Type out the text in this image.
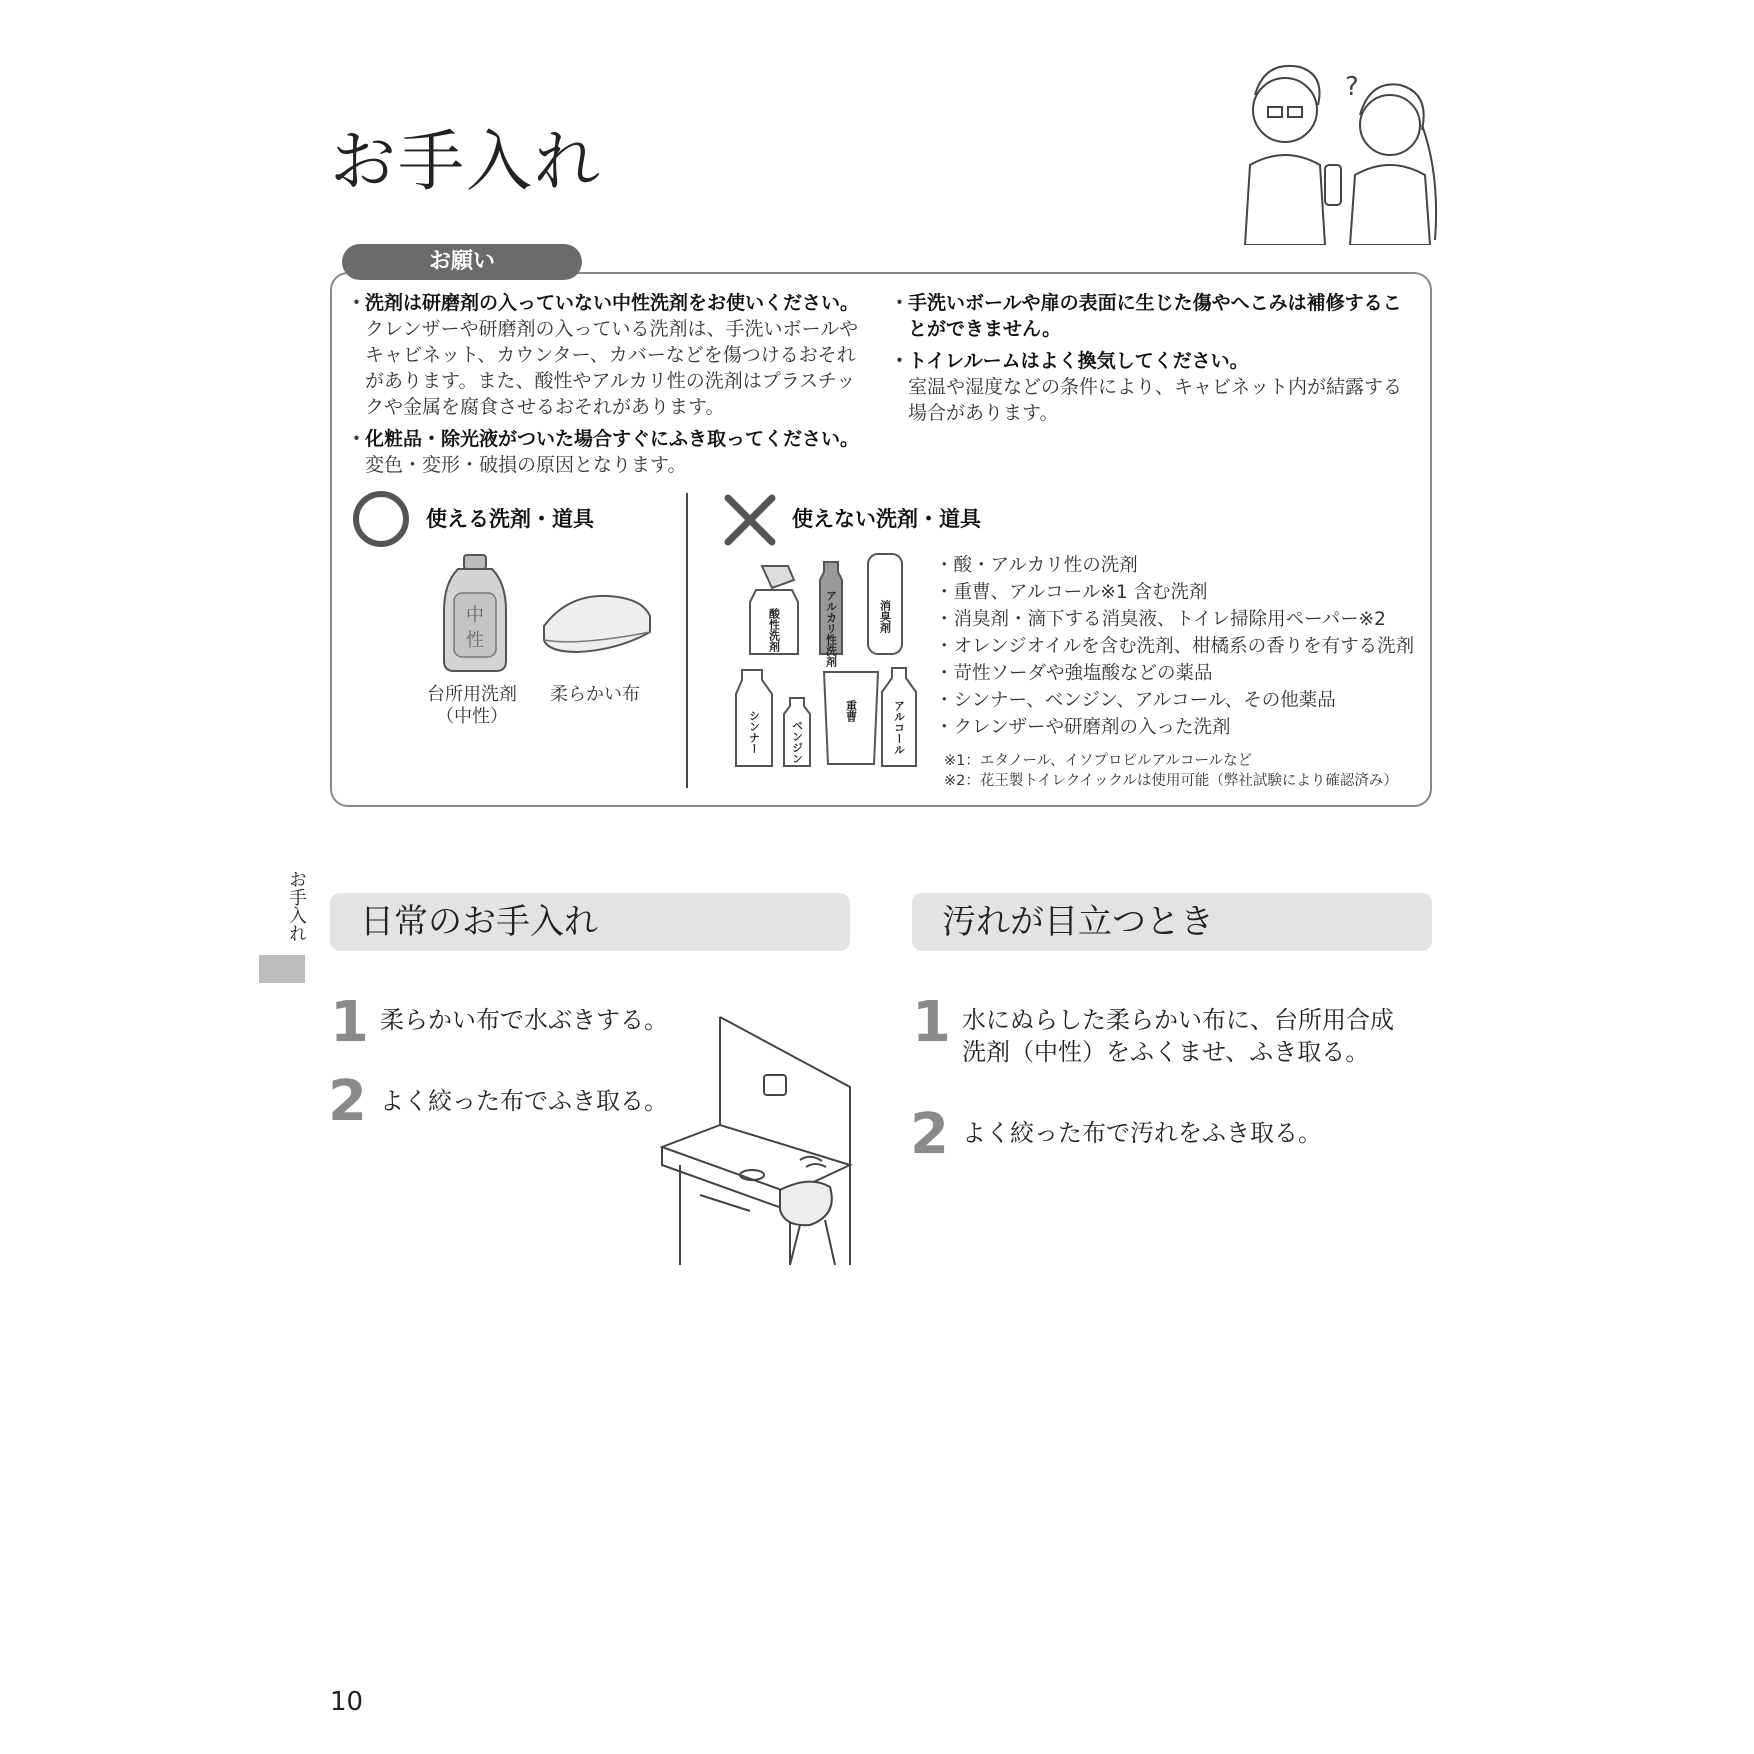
お手入れ
?
お願い
・
洗剤は研磨剤の入っていない中性洗剤をお使いください。
クレンザーや研磨剤の入っている洗剤は、手洗いボールやキャビネット、カウンター、カバーなどを傷つけるおそれがあります。また、酸性やアルカリ性の洗剤はプラスチックや金属を腐食させるおそれがあります。
・
化粧品・除光液がついた場合すぐにふき取ってください。
変色・変形・破損の原因となります。
・
手洗いボールや扉の表面に生じた傷やへこみは補修することができません。
・
トイレルームはよく換気してください。
室温や湿度などの条件により、キャビネット内が結露する場合があります。
使える洗剤・道具
中
性
台所用洗剤
（中性）
柔らかい布
使えない洗剤・道具
酸性洗剤	アルカリ性洗剤	消臭剤
シンナー	ベンジン
重曹	アルコール
・酸・アルカリ性の洗剤
・重曹、アルコール※1 含む洗剤
・消臭剤・滴下する消臭液、トイレ掃除用ペーパー※2
・オレンジオイルを含む洗剤、柑橘系の香りを有する洗剤
・苛性ソーダや強塩酸などの薬品
・シンナー、ベンジン、アルコール、その他薬品
・クレンザーや研磨剤の入った洗剤
※1：エタノール、イソプロピルアルコールなど
※2：花王製トイレクイックルは使用可能（弊社試験により確認済み）
お手入れ	日常のお手入れ
1 柔らかい布で水ぶきする。
2 よく絞った布でふき取る。
汚れが目立つとき
1 水にぬらした柔らかい布に、台所用合成
洗剤（中性）をふくませ、ふき取る。
2 よく絞った布で汚れをふき取る。
10
